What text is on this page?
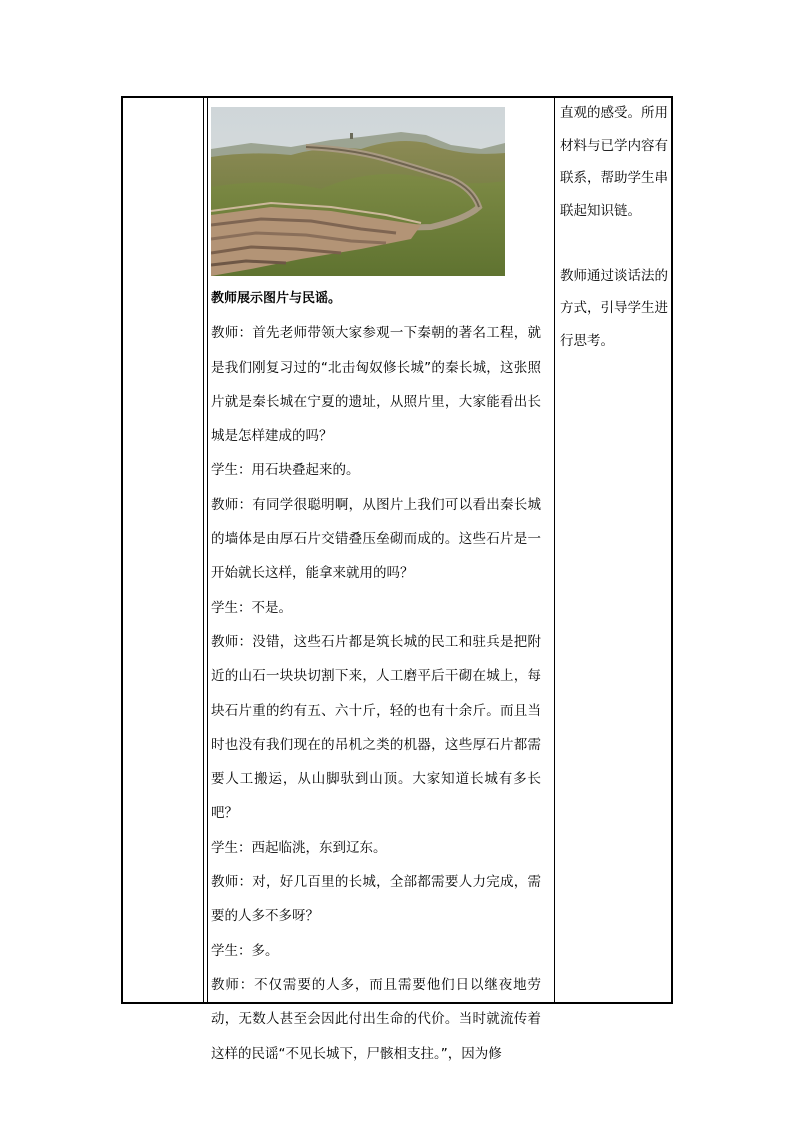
教师展示图片与民谣。

教师：首先老师带领大家参观一下秦朝的著名工程，就是我们刚复习过的“北击匈奴修长城”的秦长城，这张照片就是秦长城在宁夏的遗址，从照片里，大家能看出长城是怎样建成的吗？

学生：用石块叠起来的。

教师：有同学很聪明啊，从图片上我们可以看出秦长城的墙体是由厚石片交错叠压垒砌而成的。这些石片是一开始就长这样，能拿来就用的吗？

学生：不是。

教师：没错，这些石片都是筑长城的民工和驻兵是把附近的山石一块块切割下来，人工磨平后干砌在城上，每块石片重的约有五、六十斤，轻的也有十余斤。而且当时也没有我们现在的吊机之类的机器，这些厚石片都需要人工搬运，从山脚驮到山顶。大家知道长城有多长吧？

学生：西起临洮，东到辽东。

教师：对，好几百里的长城，全部都需要人力完成，需要的人多不多呀？

学生：多。

教师：不仅需要的人多，而且需要他们日以继夜地劳动，无数人甚至会因此付出生命的代价。当时就流传着这样的民谣“不见长城下，尸骸相支拄。”，因为修

直观的感受。所用材料与已学内容有联系，帮助学生串联起知识链。

教师通过谈话法的方式，引导学生进行思考。
